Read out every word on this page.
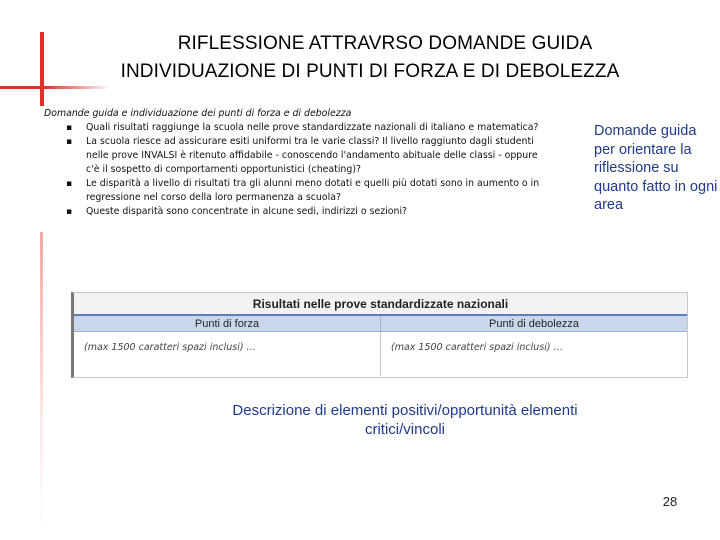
RIFLESSIONE ATTRAVRSO DOMANDE GUIDA
INDIVIDUAZIONE DI PUNTI DI FORZA E DI DEBOLEZZA
Domande guida e individuazione dei punti di forza e di debolezza
▪ Quali risultati raggiunge la scuola nelle prove standardizzate nazionali di italiano e matematica?
▪ La scuola riesce ad assicurare esiti uniformi tra le varie classi? Il livello raggiunto dagli studenti nelle prove INVALSI è ritenuto affidabile - conoscendo l'andamento abituale delle classi - oppure c'è il sospetto di comportamenti opportunistici (cheating)?
▪ Le disparità a livello di risultati tra gli alunni meno dotati e quelli più dotati sono in aumento o in regressione nel corso della loro permanenza a scuola?
▪ Queste disparità sono concentrate in alcune sedi, indirizzi o sezioni?
Domande guida per orientare la riflessione su quanto fatto in ogni area
Risultati nelle prove standardizzate nazionali
Punti di forza	Punti di debolezza
(max 1500 caratteri spazi inclusi) …	(max 1500 caratteri spazi inclusi) …
Descrizione di elementi positivi/opportunità elementi critici/vincoli
28
